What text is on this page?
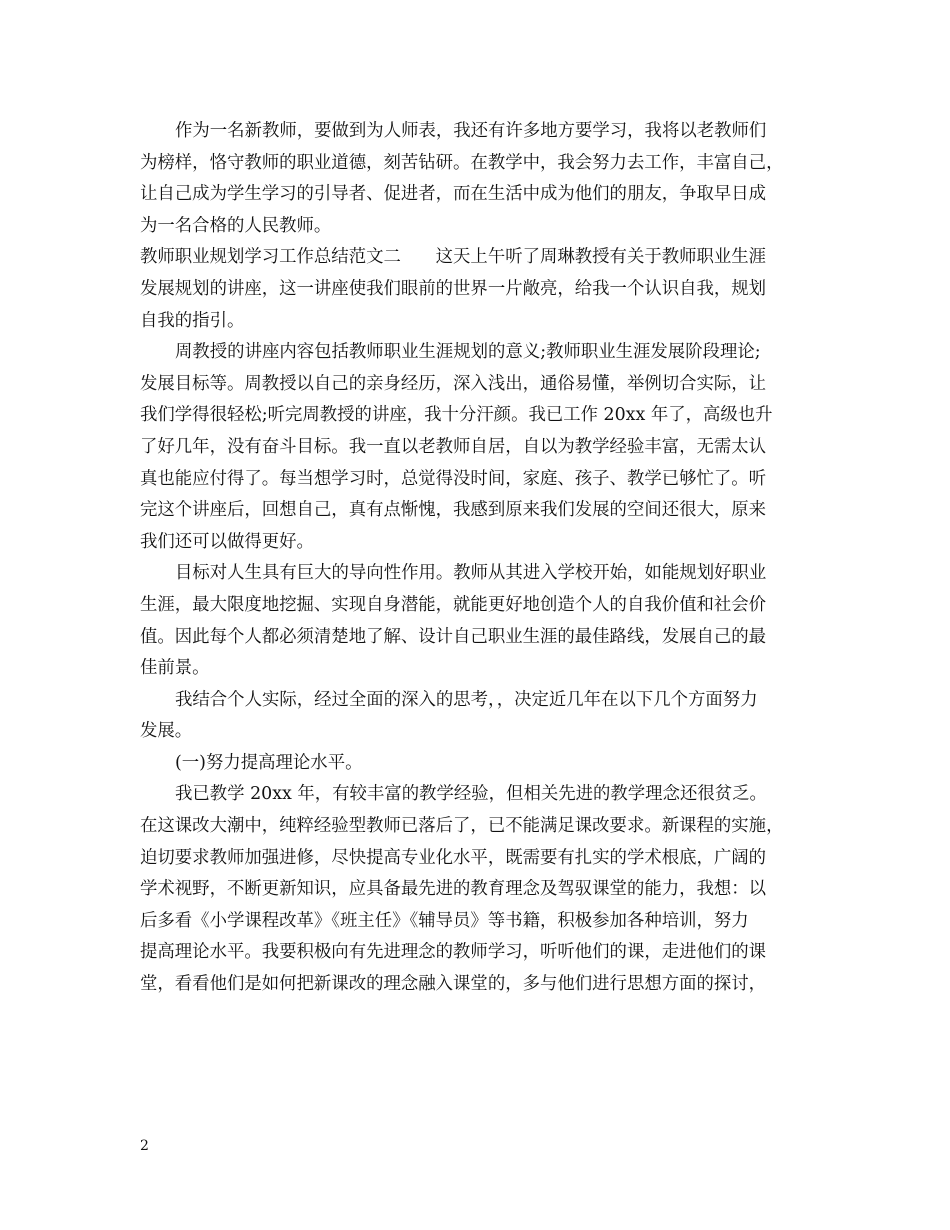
作为一名新教师，要做到为人师表，我还有许多地方要学习，我将以老教师们
为榜样，恪守教师的职业道德，刻苦钻研。在教学中，我会努力去工作，丰富自己，
让自己成为学生学习的引导者、促进者，而在生活中成为他们的朋友，争取早日成
为一名合格的人民教师。
教师职业规划学习工作总结范文二　　这天上午听了周琳教授有关于教师职业生涯
发展规划的讲座，这一讲座使我们眼前的世界一片敞亮，给我一个认识自我，规划
自我的指引。
周教授的讲座内容包括教师职业生涯规划的意义;教师职业生涯发展阶段理论;
发展目标等。周教授以自己的亲身经历，深入浅出，通俗易懂，举例切合实际，让
我们学得很轻松;听完周教授的讲座，我十分汗颜。我已工作 20xx 年了，高级也升
了好几年，没有奋斗目标。我一直以老教师自居，自以为教学经验丰富，无需太认
真也能应付得了。每当想学习时，总觉得没时间，家庭、孩子、教学已够忙了。听
完这个讲座后，回想自己，真有点惭愧，我感到原来我们发展的空间还很大，原来
我们还可以做得更好。
目标对人生具有巨大的导向性作用。教师从其进入学校开始，如能规划好职业
生涯，最大限度地挖掘、实现自身潜能，就能更好地创造个人的自我价值和社会价
值。因此每个人都必须清楚地了解、设计自己职业生涯的最佳路线，发展自己的最
佳前景。
我结合个人实际，经过全面的深入的思考，，决定近几年在以下几个方面努力
发展。
(一)努力提高理论水平。
我已教学 20xx 年，有较丰富的教学经验，但相关先进的教学理念还很贫乏。
在这课改大潮中，纯粹经验型教师已落后了，已不能满足课改要求。新课程的实施，
迫切要求教师加强进修，尽快提高专业化水平，既需要有扎实的学术根底，广阔的
学术视野，不断更新知识，应具备最先进的教育理念及驾驭课堂的能力，我想：以
后多看《小学课程改革》《班主任》《辅导员》等书籍，积极参加各种培训，努力
提高理论水平。我要积极向有先进理念的教师学习，听听他们的课，走进他们的课
堂，看看他们是如何把新课改的理念融入课堂的，多与他们进行思想方面的探讨，
2
